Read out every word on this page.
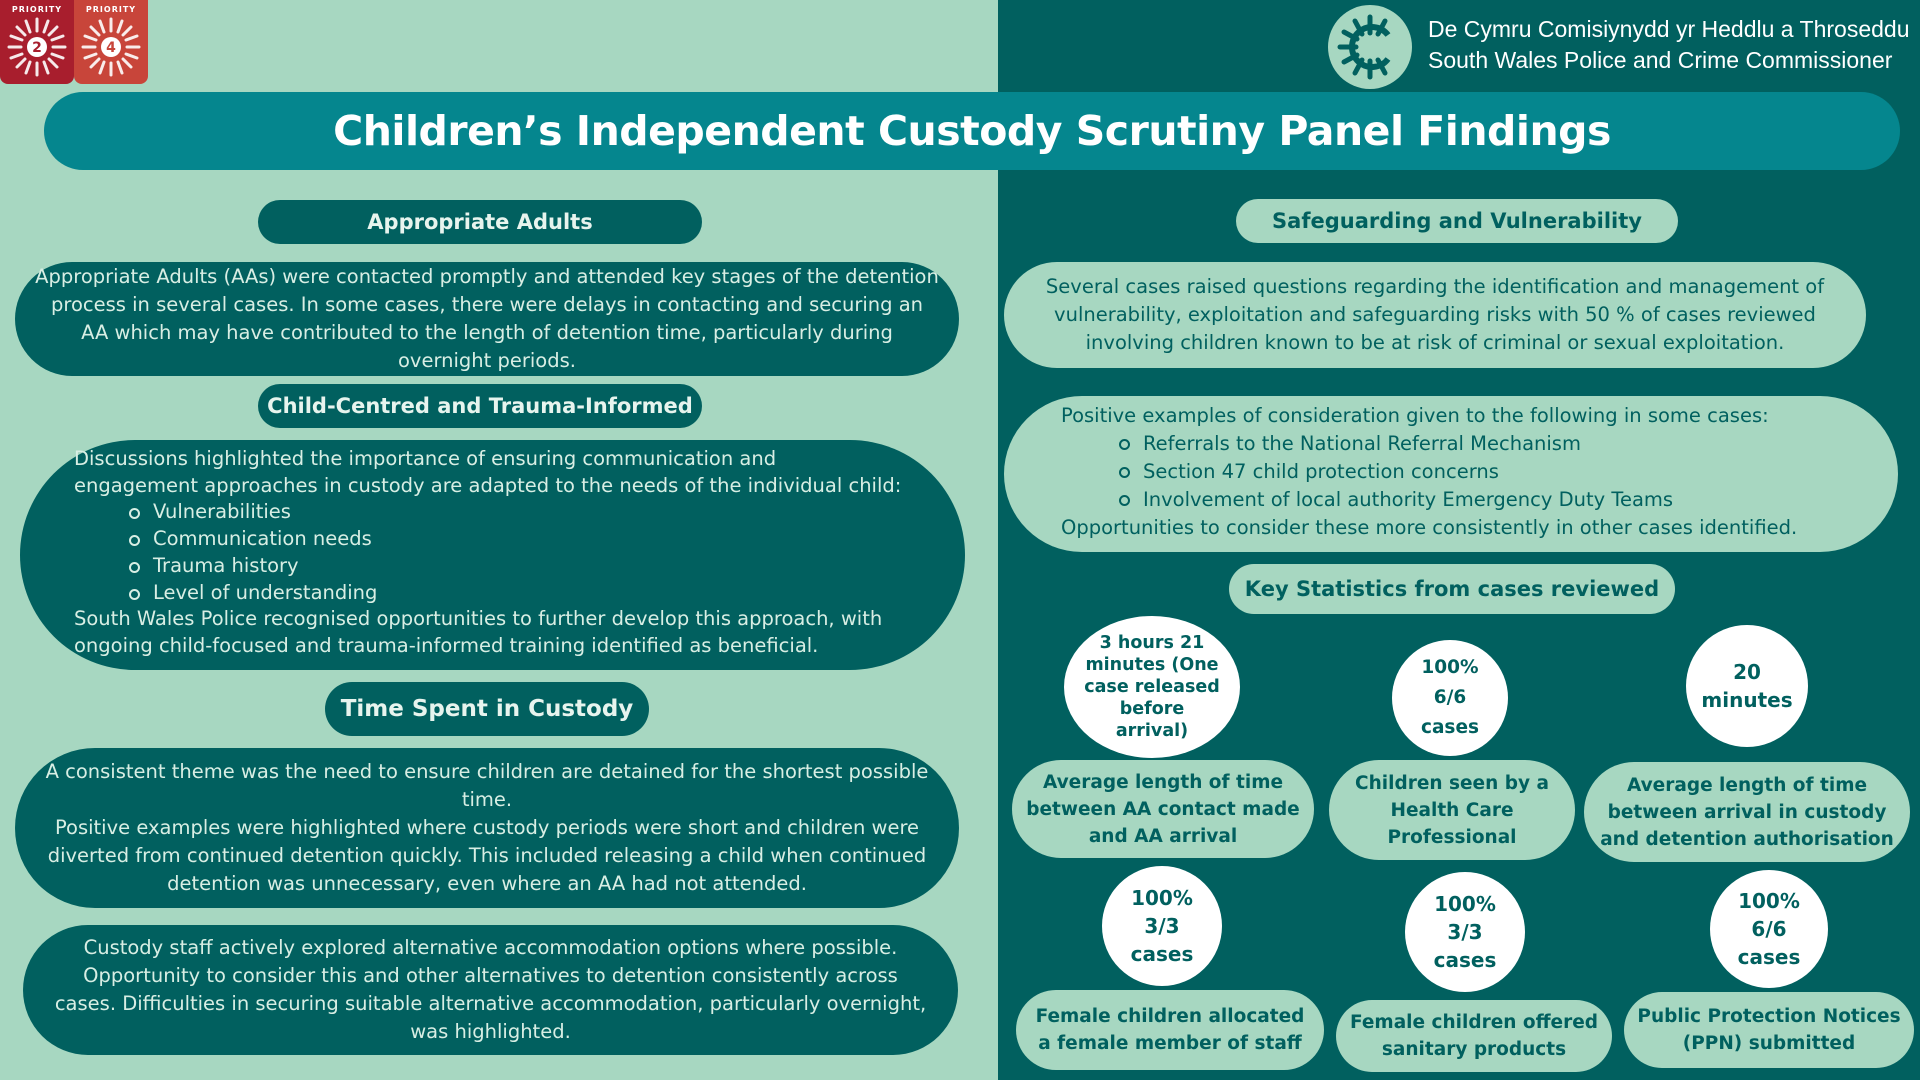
PRIORITY
2
PRIORITY
4
De Cymru Comisiynydd yr Heddlu a Throseddu
South Wales Police and Crime Commissioner
Children’s Independent Custody Scrutiny Panel Findings
Appropriate Adults

Appropriate Adults (AAs) were contacted promptly and attended key stages of the detention process in several cases. In some cases, there were delays in contacting and securing an AA which may have contributed to the length of detention time, particularly during overnight periods.

Child-Centred and Trauma-Informed

Discussions highlighted the importance of ensuring communication and engagement approaches in custody are adapted to the needs of the individual child:

Vulnerabilities
Communication needs
Trauma history
Level of understanding

South Wales Police recognised opportunities to further develop this approach, with ongoing child-focused and trauma-informed training identified as beneficial.

Time Spent in Custody

A consistent theme was the need to ensure children are detained for the shortest possible time.

Positive examples were highlighted where custody periods were short and children were diverted from continued detention quickly. This included releasing a child when continued detention was unnecessary, even where an AA had not attended.

Custody staff actively explored alternative accommodation options where possible. Opportunity to consider this and other alternatives to detention consistently across cases. Difficulties in securing suitable alternative accommodation, particularly overnight, was highlighted.

Safeguarding and Vulnerability

Several cases raised questions regarding the identification and management of vulnerability, exploitation and safeguarding risks with 50 % of cases reviewed involving children known to be at risk of criminal or sexual exploitation.

Positive examples of consideration given to the following in some cases:

Referrals to the National Referral Mechanism
Section 47 child protection concerns
Involvement of local authority Emergency Duty Teams

Opportunities to consider these more consistently in other cases identified.

Key Statistics from cases reviewed
3 hours 21 minutes (One case released before arrival)
Average length of time between AA contact made and AA arrival
100%
6/6
cases
Children seen by a Health Care Professional
20
minutes
Average length of time between arrival in custody and detention authorisation
100%
3/3
cases
Female children allocated a female member of staff
100%
3/3
cases
Female children offered sanitary products
100%
6/6
cases
Public Protection Notices (PPN) submitted
